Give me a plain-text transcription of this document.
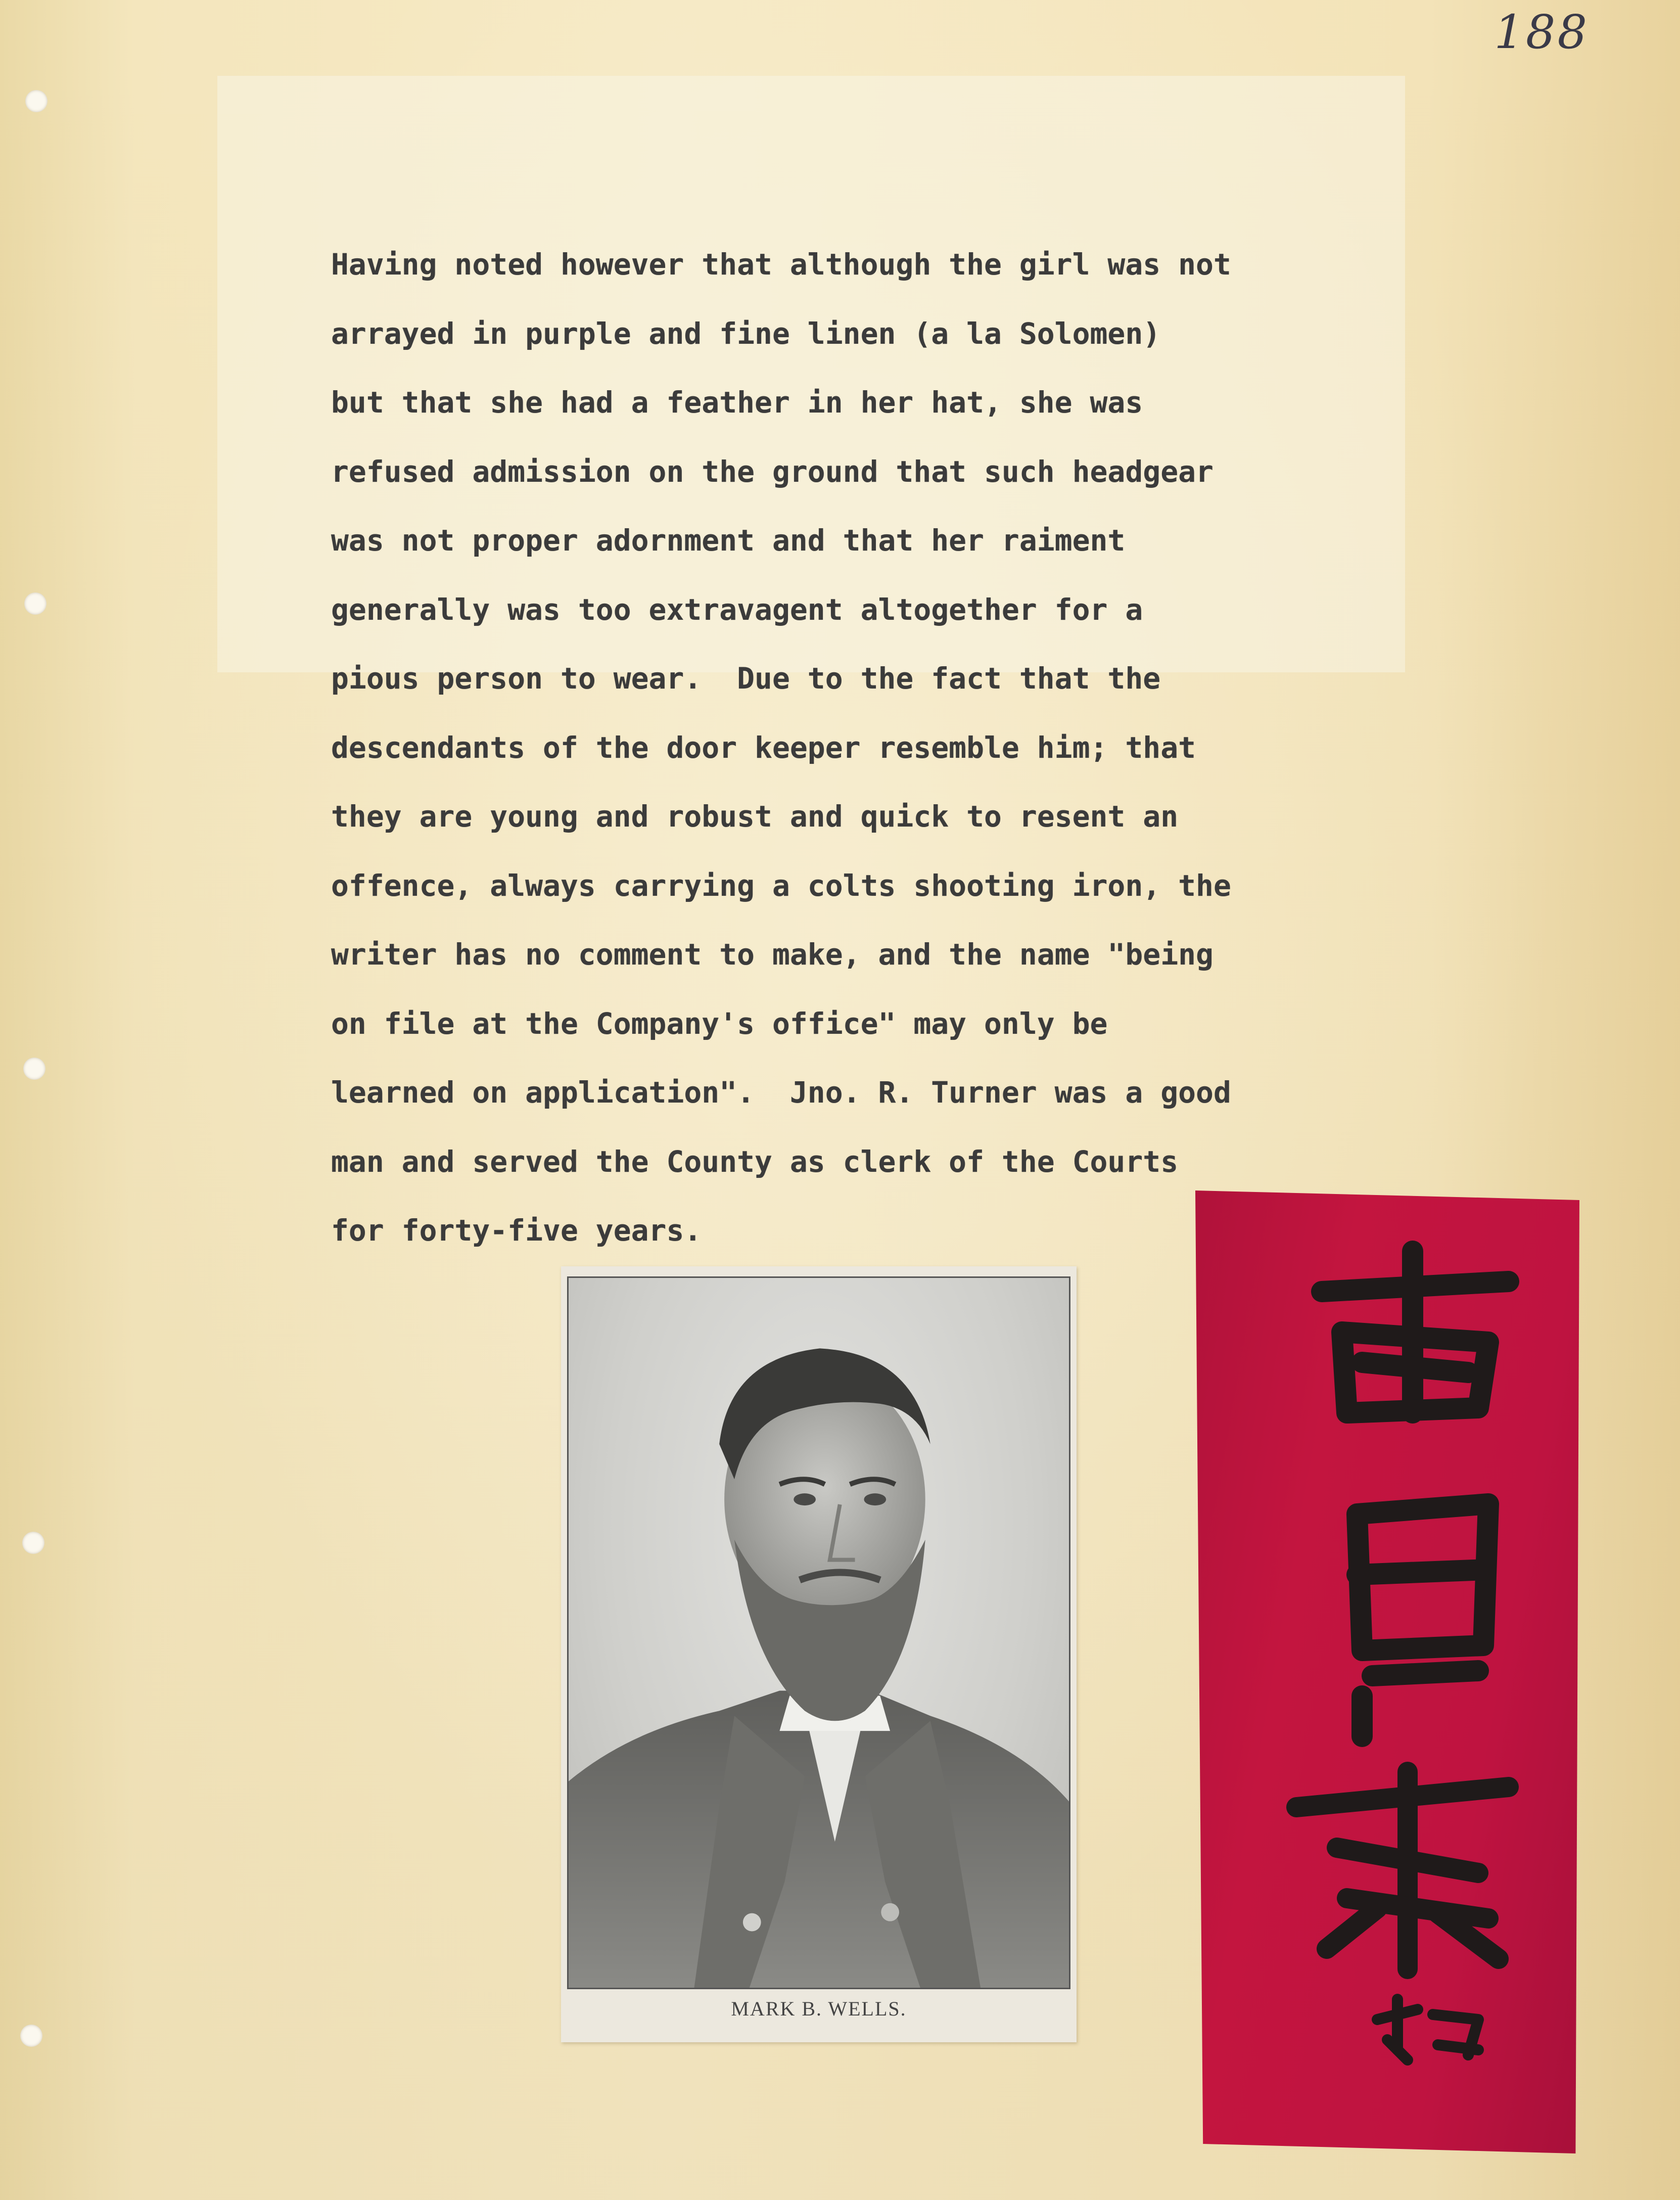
188
Having noted however that although the girl was not
arrayed in purple and fine linen (a la Solomen)
but that she had a feather in her hat, she was
refused admission on the ground that such headgear
was not proper adornment and that her raiment
generally was too extravagent altogether for a
pious person to wear.  Due to the fact that the
descendants of the door keeper resemble him; that
they are young and robust and quick to resent an
offence, always carrying a colts shooting iron, the
writer has no comment to make, and the name "being
on file at the Company's office" may only be
learned on application".  Jno. R. Turner was a good
man and served the County as clerk of the Courts
for forty-five years.
MARK B. WELLS.
